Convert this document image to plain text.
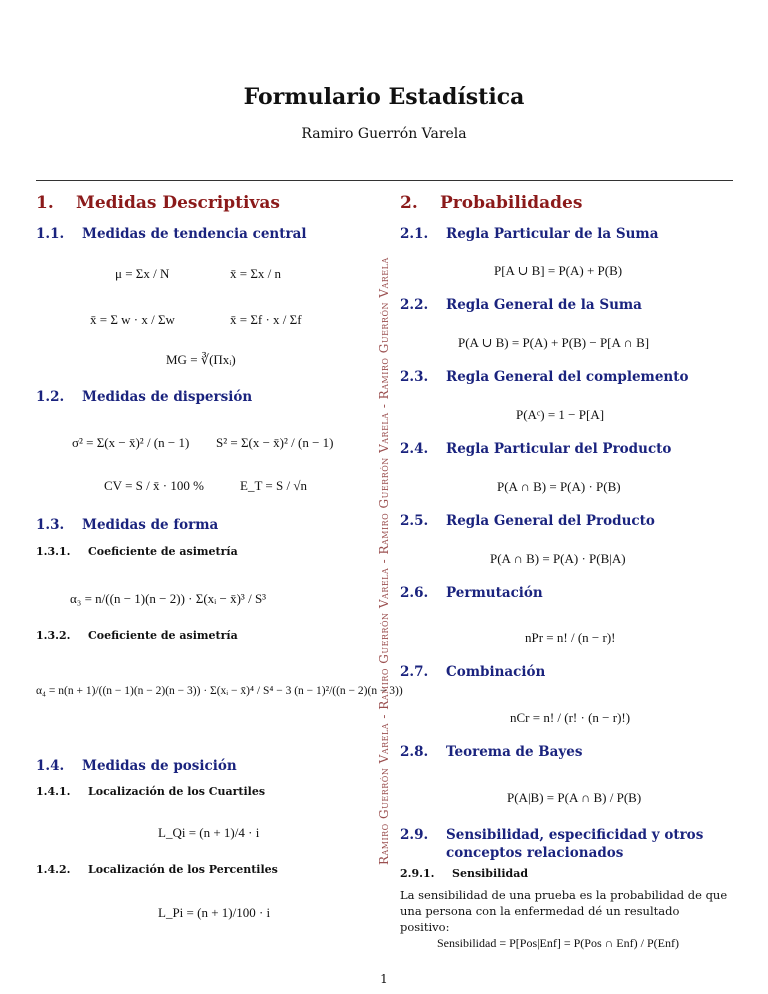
Formulario Estadística
Ramiro Guerrón Varela
Ramiro Guerrón Varela - Ramiro Guerrón Varela - Ramiro Guerrón Varela - Ramiro Guerrón Varela
1. Medidas Descriptivas
1.1. Medidas de tendencia central
μ = Σx / N	x̄ = Σx / n
x̄ = Σ w · x / Σw	x̄ = Σf · x / Σf
MG = ∛(Πxᵢ)
1.2. Medidas de dispersión
σ² = Σ(x − x̄)² / (n − 1) S² = Σ(x − x̄)² / (n − 1)
CV = S / x̄ · 100 %	E_T = S / √n
1.3. Medidas de forma
1.3.1. Coeficiente de asimetría
α₃ = n/((n − 1)(n − 2)) · Σ(xᵢ − x̄)³ / S³
1.3.2. Coeficiente de asimetría
α₄ = n(n + 1)/((n − 1)(n − 2)(n − 3)) · Σ(xᵢ − x̄)⁴ / S⁴ − 3 (n − 1)²/((n − 2)(n − 3))
1.4. Medidas de posición
1.4.1. Localización de los Cuartiles
L_Qi = (n + 1)/4 · i
1.4.2. Localización de los Percentiles
L_Pi = (n + 1)/100 · i
2. Probabilidades
2.1. Regla Particular de la Suma
P[A ∪ B] = P(A) + P(B)
2.2. Regla General de la Suma
P(A ∪ B) = P(A) + P(B) − P[A ∩ B]
2.3. Regla General del complemento
P(Aᶜ) = 1 − P[A]
2.4. Regla Particular del Producto
P(A ∩ B) = P(A) · P(B)
2.5. Regla General del Producto
P(A ∩ B) = P(A) · P(B|A)
2.6. Permutación
nPr = n! / (n − r)!
2.7. Combinación
nCr = n! / (r! · (n − r)!)
2.8. Teorema de Bayes
P(A|B) = P(A ∩ B) / P(B)
2.9.	Sensibilidad, especificidad y otros conceptos relacionados
2.9.1. Sensibilidad
La sensibilidad de una prueba es la probabilidad de que una persona con la enfermedad dé un resultado positivo:
Sensibilidad = P[Pos|Enf] = P(Pos ∩ Enf) / P(Enf)
1
